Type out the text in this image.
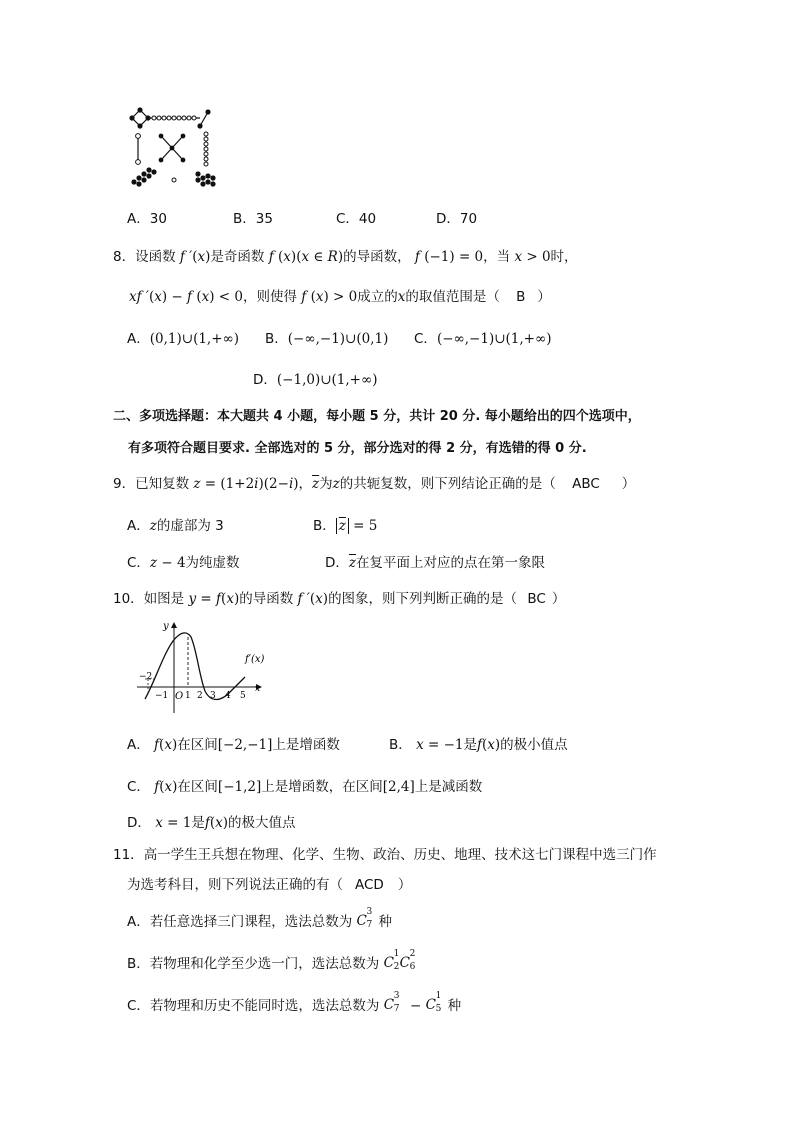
A．30	B．35	C．40	D．70
8．设函数 f ′(x)是奇函数 f (x)(x ∈ R)的导函数， f (−1) = 0，当 x > 0时，
xf ′(x) − f (x) < 0，则使得 f (x) > 0成立的x的取值范围是（ B ）
A．(0,1)∪(1,+∞) B．(−∞,−1)∪(0,1) C．(−∞,−1)∪(1,+∞)
D．(−1,0)∪(1,+∞)
二、多项选择题：本大题共 4 小题，每小题 5 分，共计 20 分. 每小题给出的四个选项中，
有多项符合题目要求. 全部选对的 5 分，部分选对的得 2 分，有选错的得 0 分.
9．已知复数 z = (1+2i)(2−i)，$\overline{z}$为z的共轭复数，则下列结论正确的是（ ABC ）
A．z的虚部为 3	B． $\overline{z} = 5$
C．z − 4为纯虚数	D．$\overline{z}$在复平面上对应的点在第一象限
10．如图是 y = f(x)的导函数 f ′(x)的图象，则下列判断正确的是（ BC ）
y
f′(x)
x
O
−2
−1 1 2 3 4 5
A． f(x)在区间[−2,−1]上是增函数	B． x = −1是f(x)的极小值点
C． f(x)在区间[−1,2]上是增函数，在区间[2,4]上是减函数
D． x = 1是f(x)的极大值点
11．高一学生王兵想在物理、化学、生物、政治、历史、地理、技术这七门课程中选三门作
为选考科目，则下列说法正确的有（ ACD ）
A．若任意选择三门课程，选法总数为 C
3
7 种
B．若物理和化学至少选一门，选法总数为 C
1
2 C
2
6
C．若物理和历史不能同时选，选法总数为 C
3
7 − C
1
5 种
